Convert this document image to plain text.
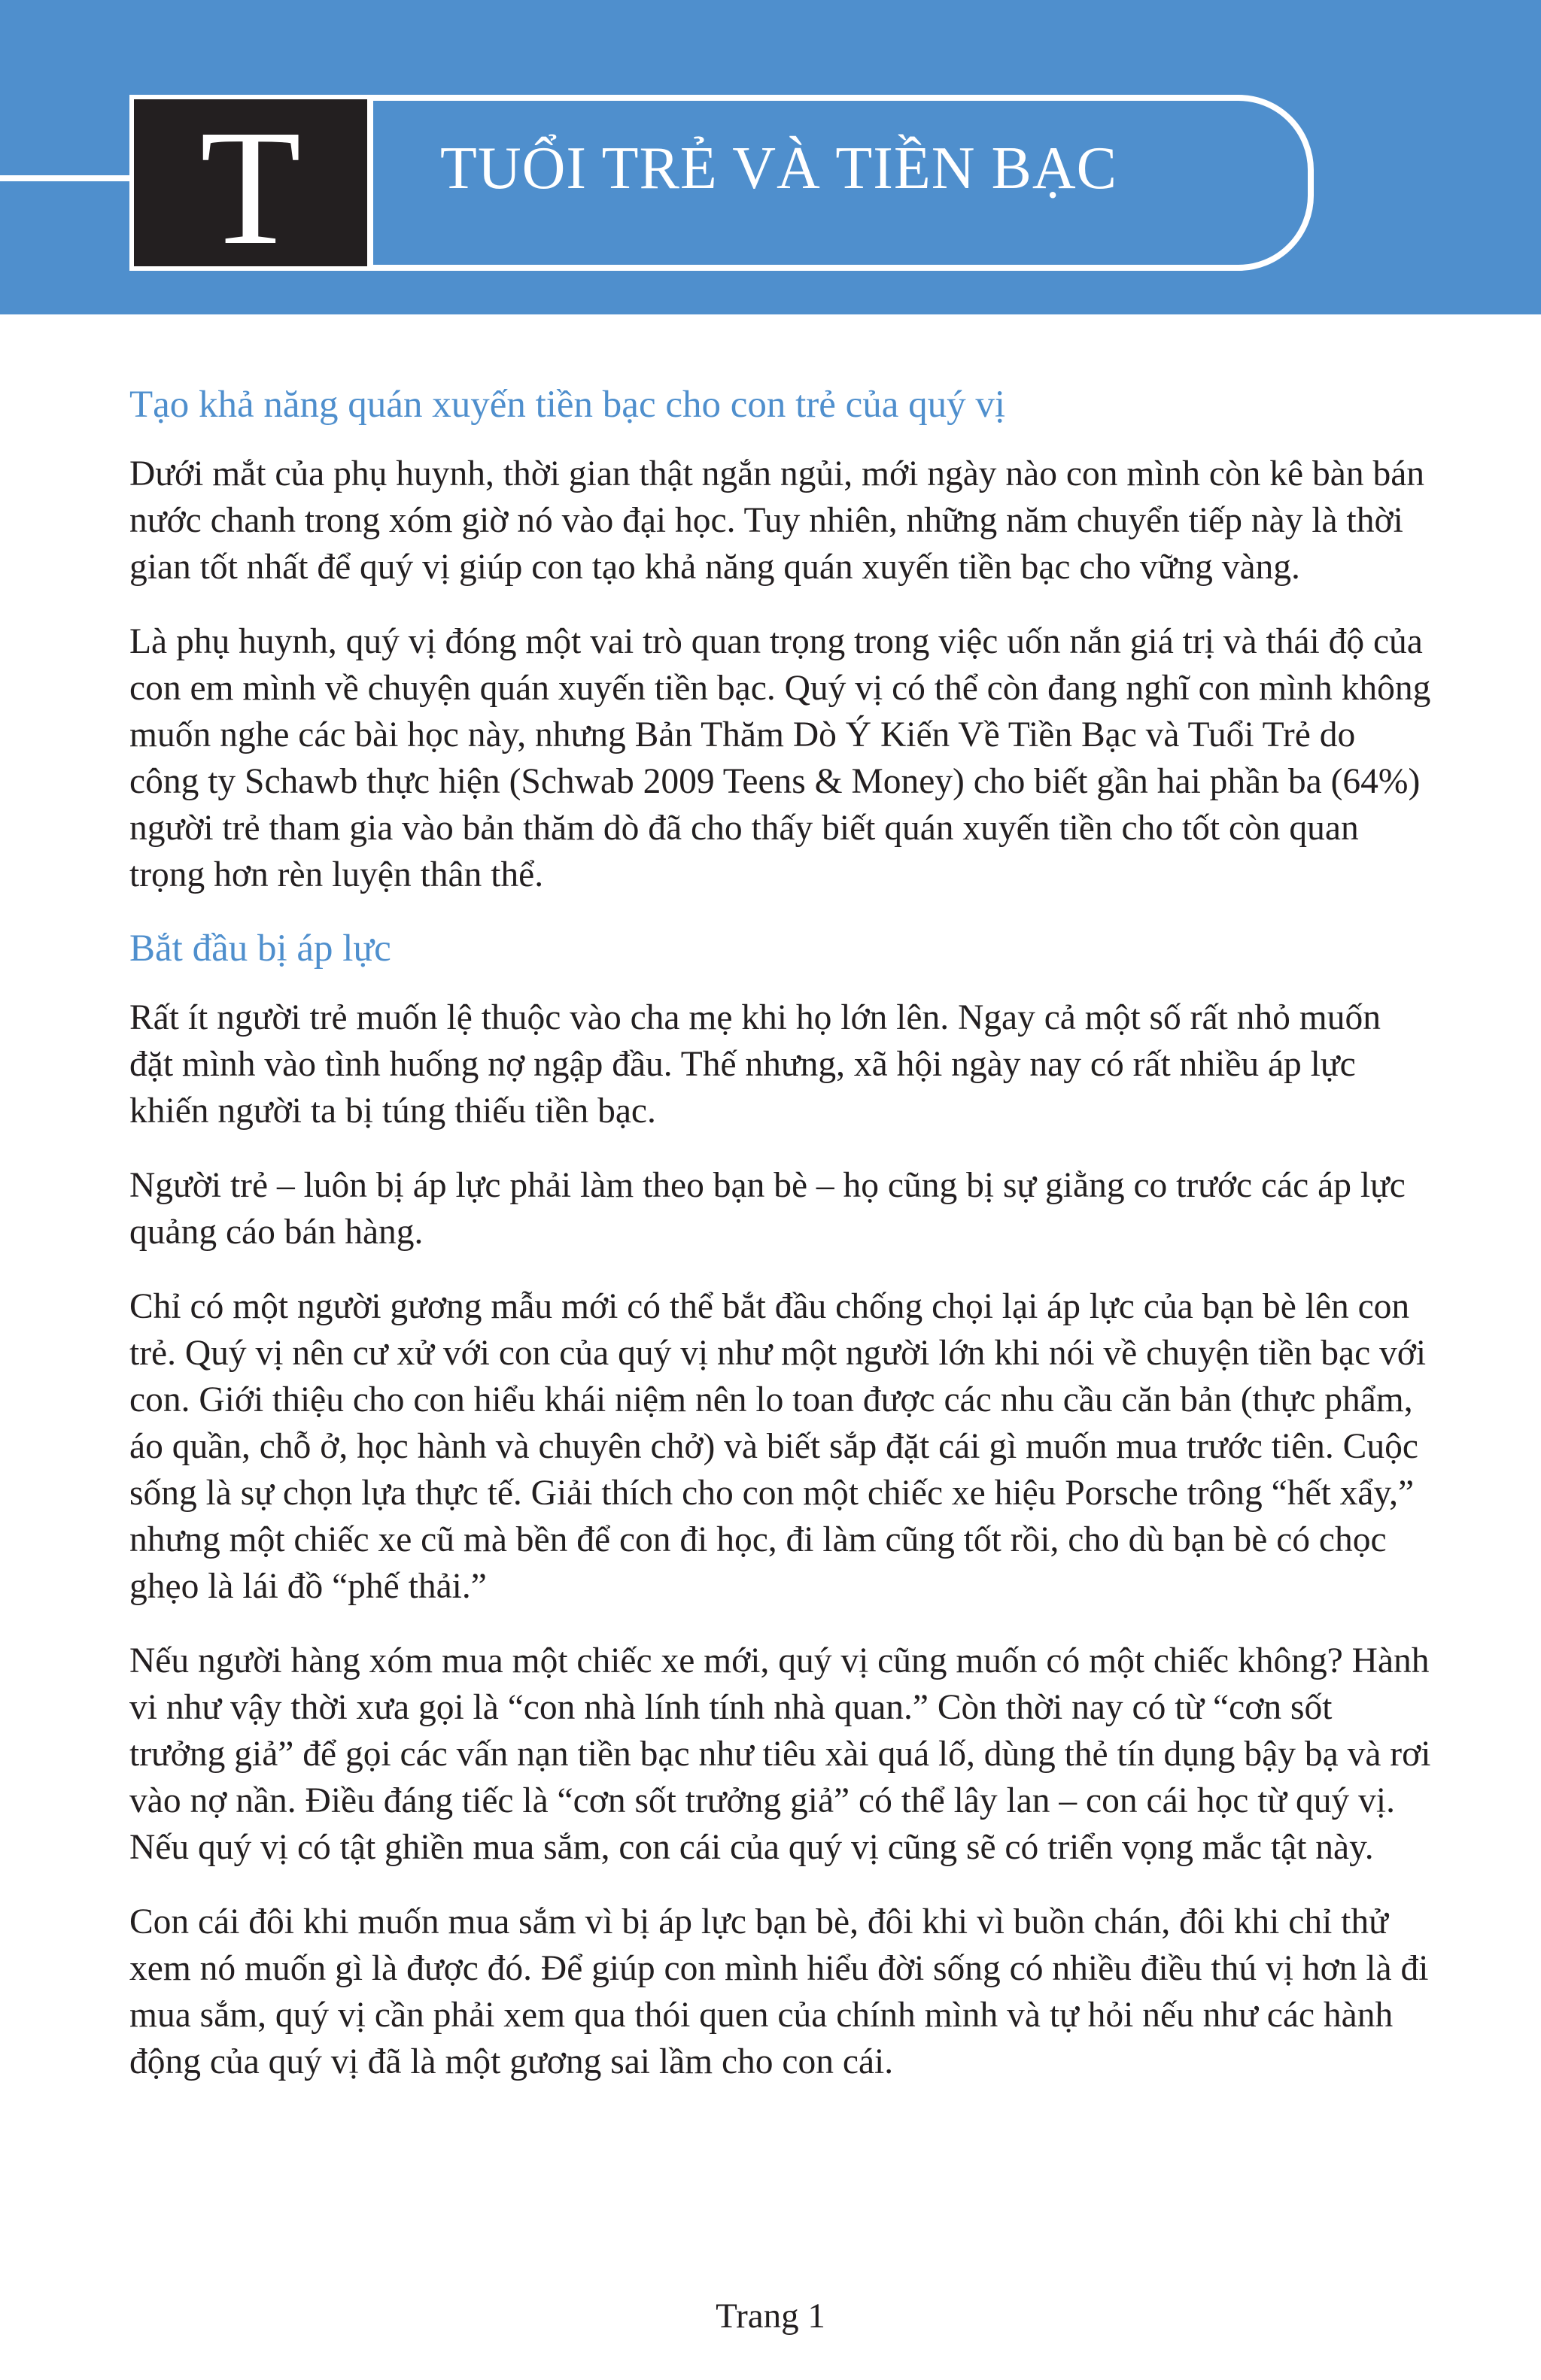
T TUỔI TRẺ VÀ TIỀN BẠC
Tạo khả năng quán xuyến tiền bạc cho con trẻ của quý vị

Dưới mắt của phụ huynh, thời gian thật ngắn ngủi, mới ngày nào con mình còn kê bàn bán nước chanh trong xóm giờ nó vào đại học. Tuy nhiên, những năm chuyển tiếp này là thời gian tốt nhất để quý vị giúp con tạo khả năng quán xuyến tiền bạc cho vững vàng.

Là phụ huynh, quý vị đóng một vai trò quan trọng trong việc uốn nắn giá trị và thái độ của con em mình về chuyện quán xuyến tiền bạc. Quý vị có thể còn đang nghĩ con mình không muốn nghe các bài học này, nhưng Bản Thăm Dò Ý Kiến Về Tiền Bạc và Tuổi Trẻ do công ty Schawb thực hiện (Schwab 2009 Teens & Money) cho biết gần hai phần ba (64%) người trẻ tham gia vào bản thăm dò đã cho thấy biết quán xuyến tiền cho tốt còn quan trọng hơn rèn luyện thân thể.

Bắt đầu bị áp lực

Rất ít người trẻ muốn lệ thuộc vào cha mẹ khi họ lớn lên. Ngay cả một số rất nhỏ muốn đặt mình vào tình huống nợ ngập đầu. Thế nhưng, xã hội ngày nay có rất nhiều áp lực khiến người ta bị túng thiếu tiền bạc.

Người trẻ – luôn bị áp lực phải làm theo bạn bè – họ cũng bị sự giằng co trước các áp lực quảng cáo bán hàng.

Chỉ có một người gương mẫu mới có thể bắt đầu chống chọi lại áp lực của bạn bè lên con trẻ. Quý vị nên cư xử với con của quý vị như một người lớn khi nói về chuyện tiền bạc với con. Giới thiệu cho con hiểu khái niệm nên lo toan được các nhu cầu căn bản (thực phẩm, áo quần, chỗ ở, học hành và chuyên chở) và biết sắp đặt cái gì muốn mua trước tiên. Cuộc sống là sự chọn lựa thực tế. Giải thích cho con một chiếc xe hiệu Porsche trông “hết xẩy,” nhưng một chiếc xe cũ mà bền để con đi học, đi làm cũng tốt rồi, cho dù bạn bè có chọc ghẹo là lái đồ “phế thải.”

Nếu người hàng xóm mua một chiếc xe mới, quý vị cũng muốn có một chiếc không? Hành vi như vậy thời xưa gọi là “con nhà lính tính nhà quan.” Còn thời nay có từ “cơn sốt trưởng giả” để gọi các vấn nạn tiền bạc như tiêu xài quá lố, dùng thẻ tín dụng bậy bạ và rơi vào nợ nần. Điều đáng tiếc là “cơn sốt trưởng giả” có thể lây lan – con cái học từ quý vị. Nếu quý vị có tật ghiền mua sắm, con cái của quý vị cũng sẽ có triển vọng mắc tật này.

Con cái đôi khi muốn mua sắm vì bị áp lực bạn bè, đôi khi vì buồn chán, đôi khi chỉ thử xem nó muốn gì là được đó. Để giúp con mình hiểu đời sống có nhiều điều thú vị hơn là đi mua sắm, quý vị cần phải xem qua thói quen của chính mình và tự hỏi nếu như các hành động của quý vị đã là một gương sai lầm cho con cái.

Trang 1
